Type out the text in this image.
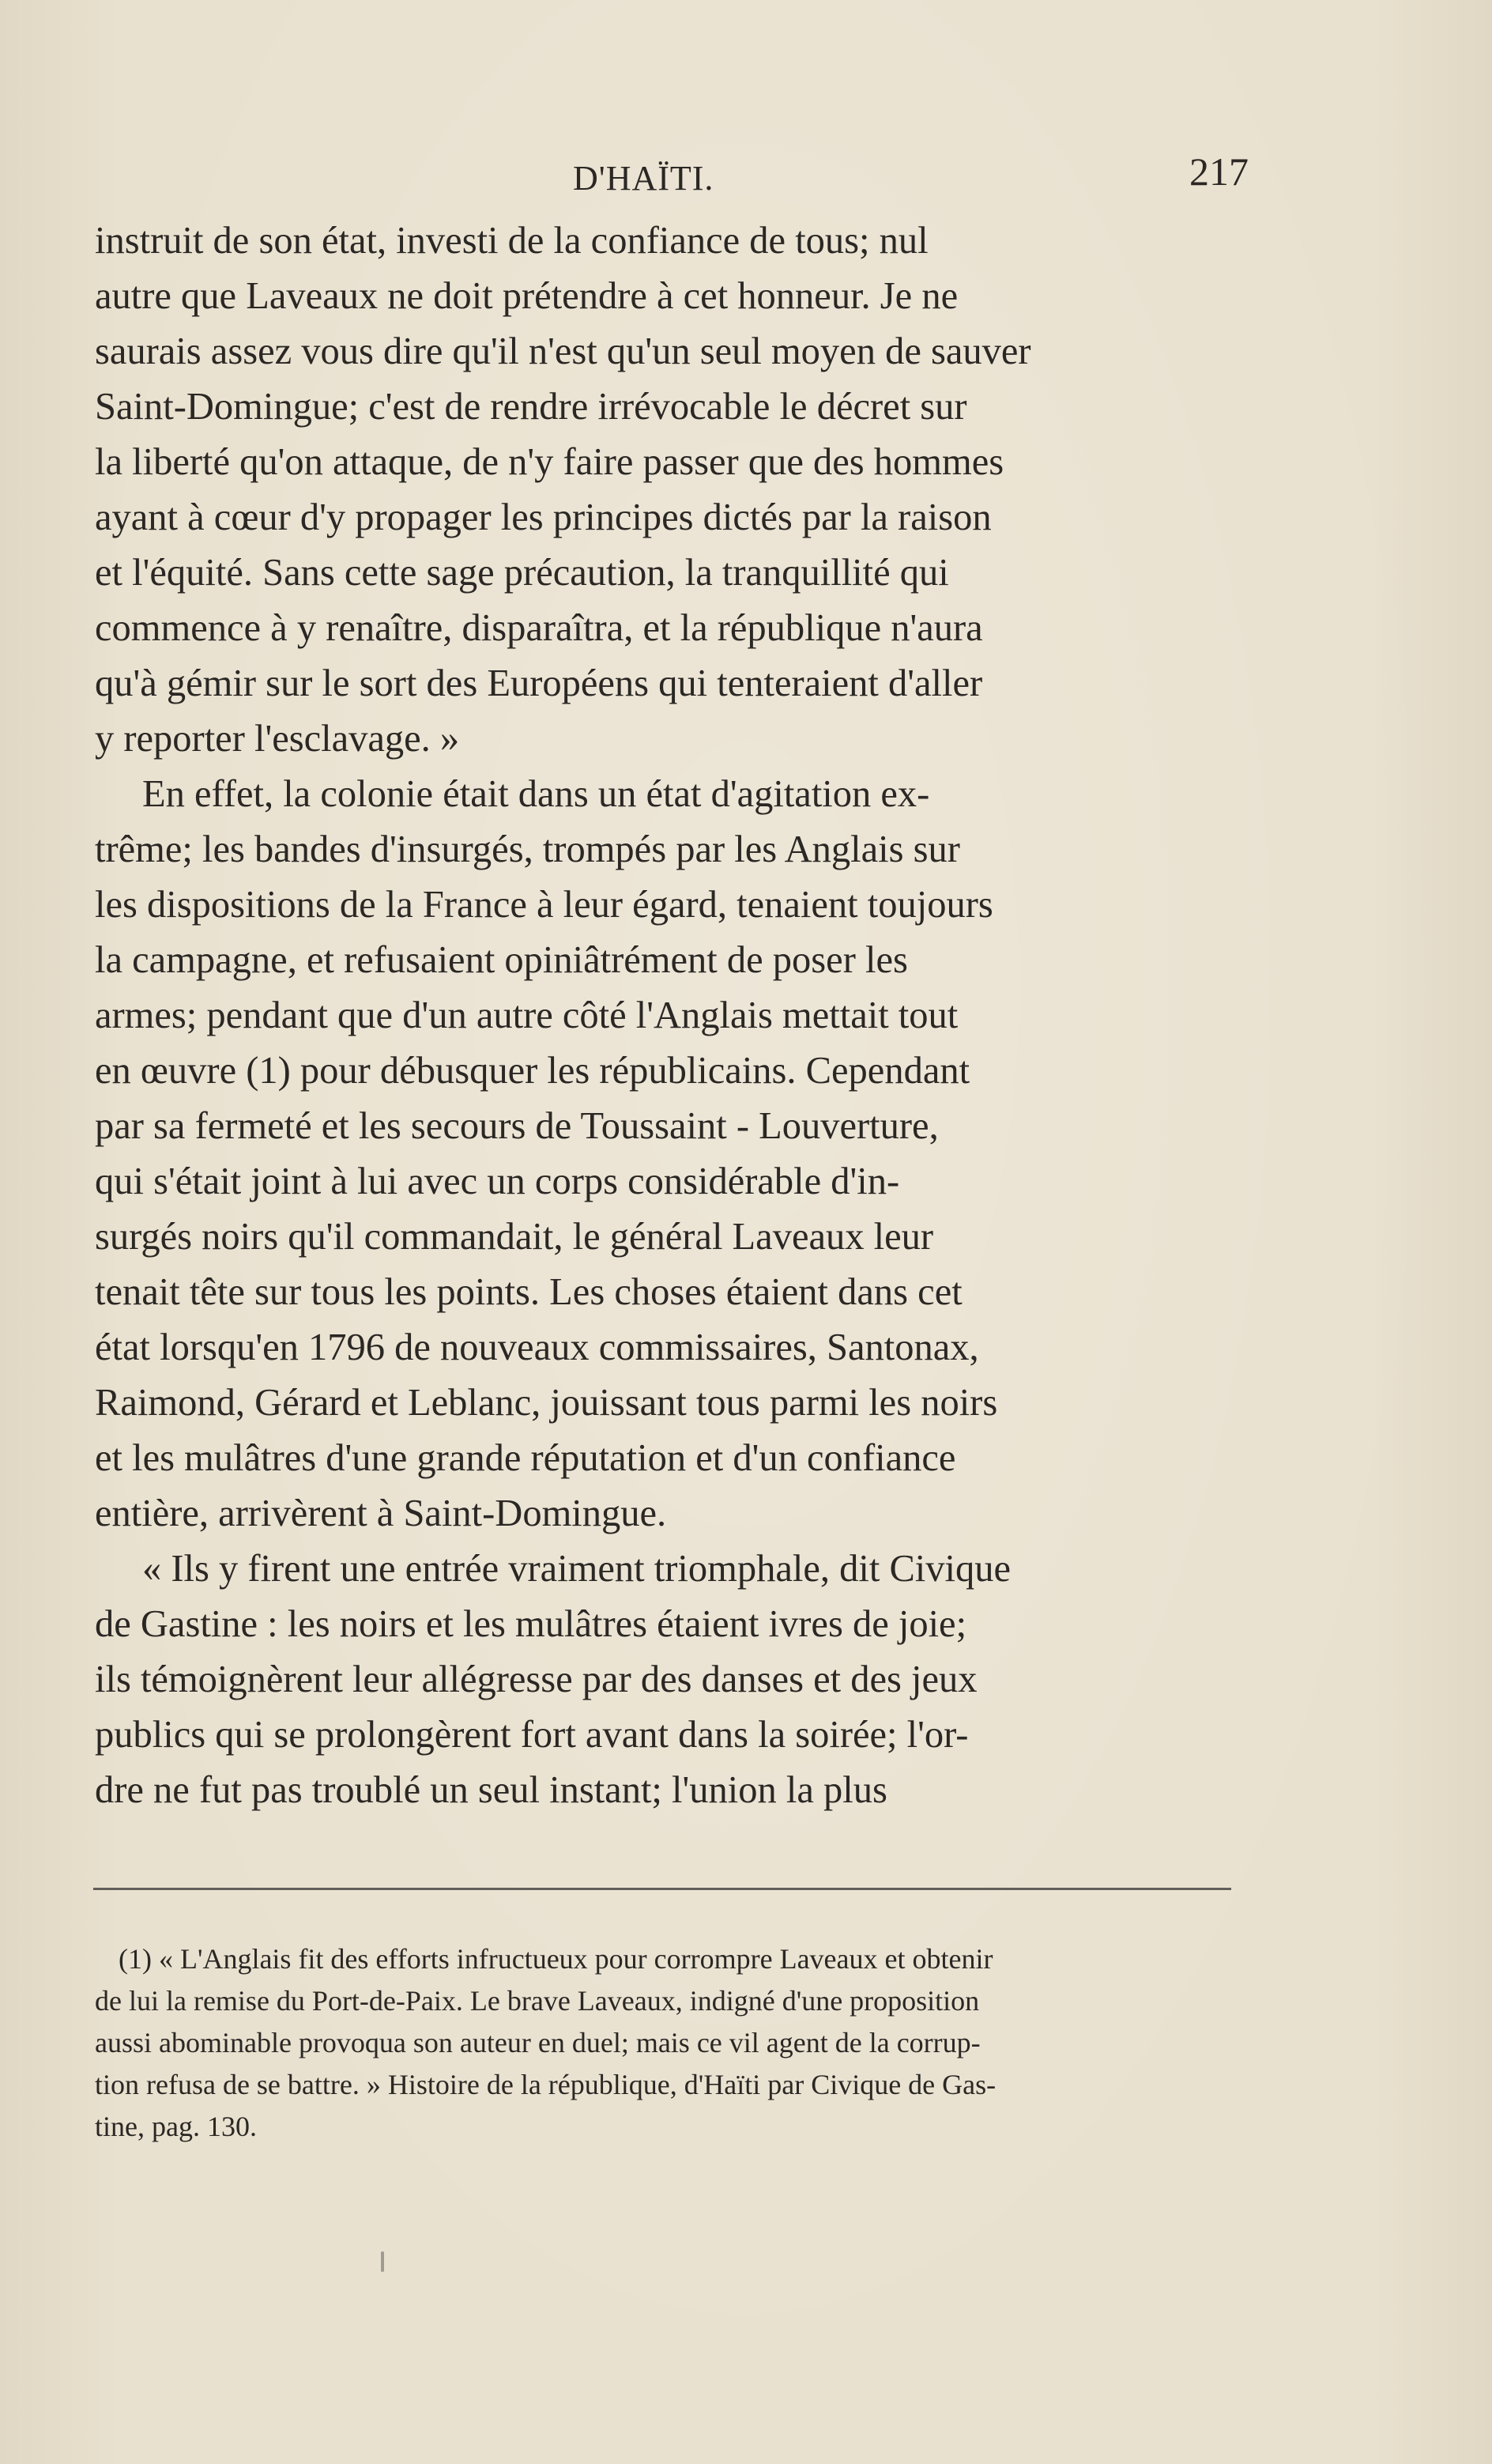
D'HAÏTI.	217
instruit de son état, investi de la confiance de tous; nul
autre que Laveaux ne doit prétendre à cet honneur. Je ne
saurais assez vous dire qu'il n'est qu'un seul moyen de sauver
Saint-Domingue; c'est de rendre irrévocable le décret sur
la liberté qu'on attaque, de n'y faire passer que des hommes
ayant à cœur d'y propager les principes dictés par la raison
et l'équité. Sans cette sage précaution, la tranquillité qui
commence à y renaître, disparaîtra, et la république n'aura
qu'à gémir sur le sort des Européens qui tenteraient d'aller
y reporter l'esclavage. »
En effet, la colonie était dans un état d'agitation ex-
trême; les bandes d'insurgés, trompés par les Anglais sur
les dispositions de la France à leur égard, tenaient toujours
la campagne, et refusaient opiniâtrément de poser les
armes; pendant que d'un autre côté l'Anglais mettait tout
en œuvre (1) pour débusquer les républicains. Cependant
par sa fermeté et les secours de Toussaint - Louverture,
qui s'était joint à lui avec un corps considérable d'in-
surgés noirs qu'il commandait, le général Laveaux leur
tenait tête sur tous les points. Les choses étaient dans cet
état lorsqu'en 1796 de nouveaux commissaires, Santonax,
Raimond, Gérard et Leblanc, jouissant tous parmi les noirs
et les mulâtres d'une grande réputation et d'un confiance
entière, arrivèrent à Saint-Domingue.
« Ils y firent une entrée vraiment triomphale, dit Civique
de Gastine : les noirs et les mulâtres étaient ivres de joie;
ils témoignèrent leur allégresse par des danses et des jeux
publics qui se prolongèrent fort avant dans la soirée; l'or-
dre ne fut pas troublé un seul instant; l'union la plus
(1) « L'Anglais fit des efforts infructueux pour corrompre Laveaux et obtenir
de lui la remise du Port-de-Paix. Le brave Laveaux, indigné d'une proposition
aussi abominable provoqua son auteur en duel; mais ce vil agent de la corrup-
tion refusa de se battre. » Histoire de la république, d'Haïti par Civique de Gas-
tine, pag. 130.
